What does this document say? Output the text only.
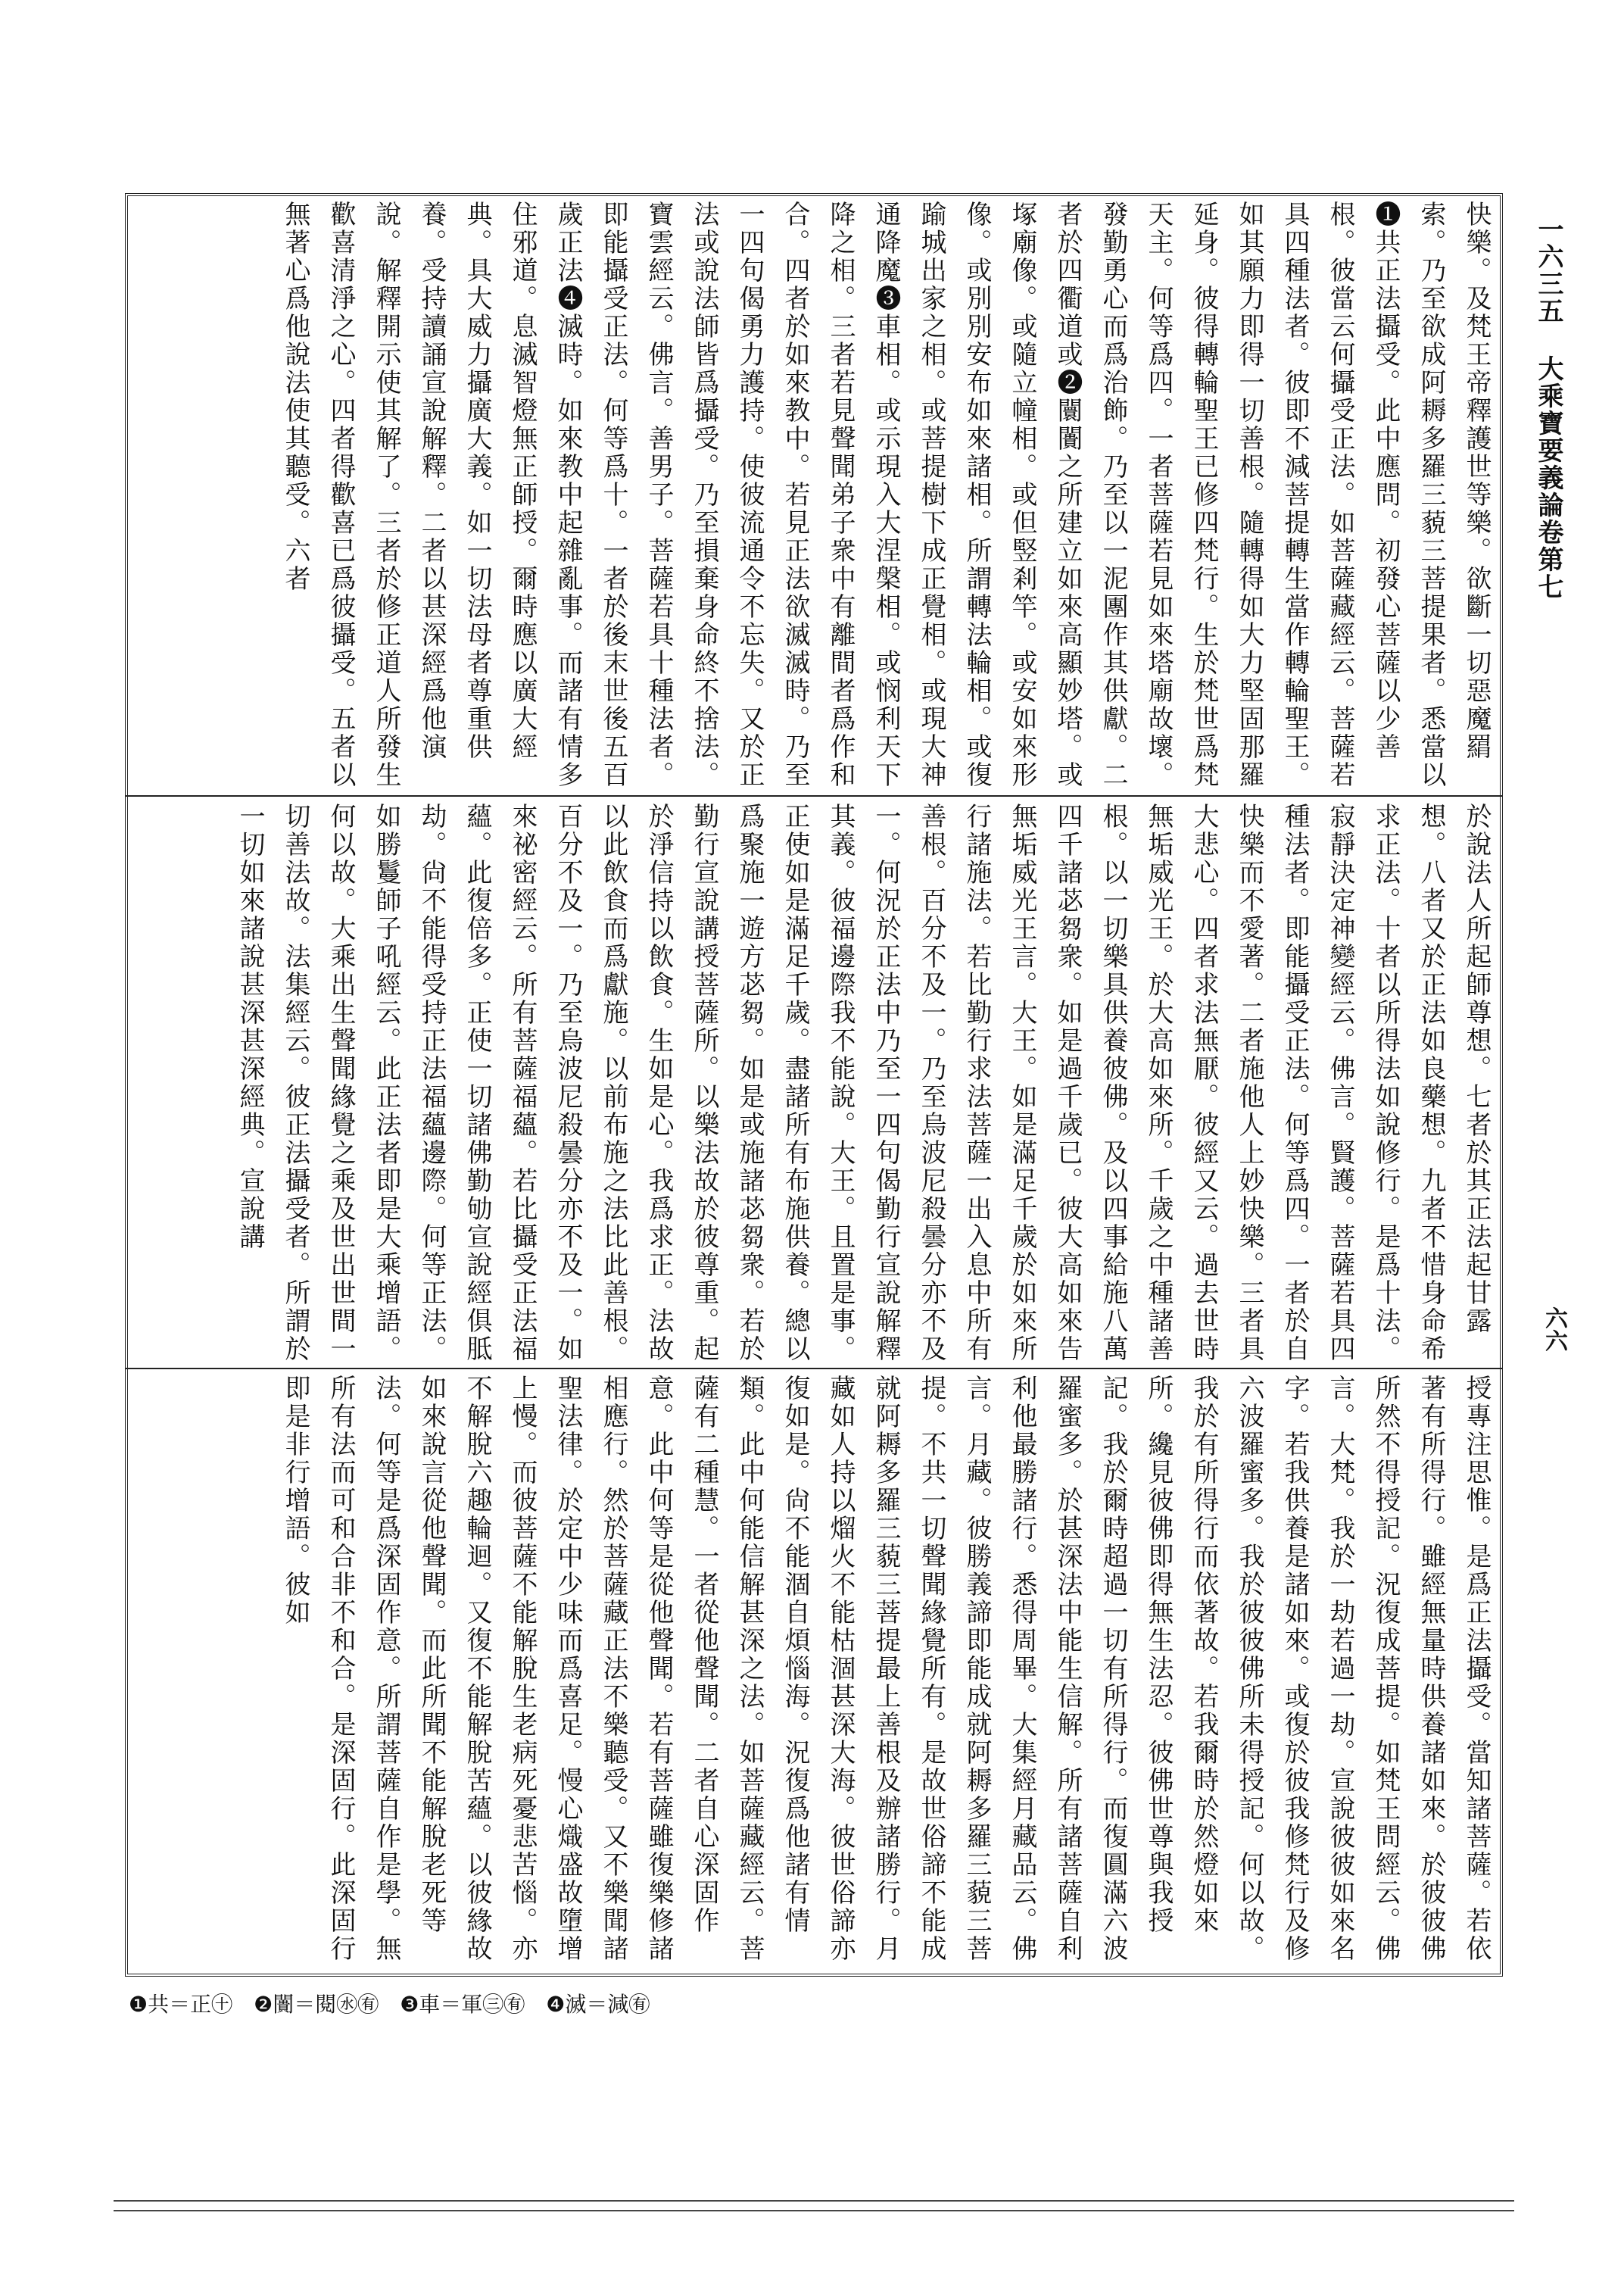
一六三五
大乘寶要義論卷第七
六六

快樂。及梵王帝釋護世等樂。欲斷一切惡魔羂索。乃至欲成阿耨多羅三藐三菩提果者。悉當以❶共正法攝受。此中應問。初發心菩薩以少善根。彼當云何攝受正法。如菩薩藏經云。菩薩若具四種法者。彼即不減菩提轉生當作轉輪聖王。如其願力即得一切善根。隨轉得如大力堅固那羅延身。彼得轉輪聖王已修四梵行。生於梵世爲梵天主。何等爲四。一者菩薩若見如來塔廟故壞。發勤勇心而爲治飾。乃至以一泥團作其供獻。二者於四衢道或❷闤闠之所建立如來高顯妙塔。或塚廟像。或隨立幢相。或但竪剎竿。或安如來形像。或別別安布如來諸相。所謂轉法輪相。或復踰城出家之相。或菩提樹下成正覺相。或現大神通降魔❸車相。或示現入大涅槃相。或悯利天下降之相。三者若見聲聞弟子衆中有離間者爲作和合。四者於如來教中。若見正法欲滅滅時。乃至一四句偈勇力護持。使彼流通令不忘失。又於正法或說法師皆爲攝受。乃至損棄身命終不捨法。寶雲經云。佛言。善男子。菩薩若具十種法者。即能攝受正法。何等爲十。一者於後末世後五百歲正法❹滅時。如來教中起雜亂事。而諸有情多住邪道。息滅智燈無正師授。爾時應以廣大經典。具大威力攝廣大義。如一切法母者尊重供養。受持讀誦宣說解釋。二者以甚深經爲他演說。解釋開示使其解了。三者於修正道人所發生歡喜清淨之心。四者得歡喜已爲彼攝受。五者以無著心爲他說法使其聽受。六者

於說法人所起師尊想。七者於其正法起甘露想。八者又於正法如良藥想。九者不惜身命希求正法。十者以所得法如說修行。是爲十法。寂靜決定神變經云。佛言。賢護。菩薩若具四種法者。即能攝受正法。何等爲四。一者於自快樂而不愛著。二者施他人上妙快樂。三者具大悲心。四者求法無厭。彼經又云。過去世時無垢威光王。於大高如來所。千歲之中種諸善根。以一切樂具供養彼佛。及以四事給施八萬四千諸苾芻衆。如是過千歲已。彼大高如來告無垢威光王言。大王。如是滿足千歲於如來所行諸施法。若比勤行求法菩薩一出入息中所有善根。百分不及一。乃至烏波尼殺曇分亦不及一。何況於正法中乃至一四句偈勤行宣說解釋其義。彼福邊際我不能說。大王。且置是事。正使如是滿足千歲。盡諸所有布施供養。總以爲聚施一遊方苾芻。如是或施諸苾芻衆。若於勤行宣說講授菩薩所。以樂法故於彼尊重。起於淨信持以飲食。生如是心。我爲求正。法故以此飲食而爲獻施。以前布施之法比此善根。百分不及一。乃至烏波尼殺曇分亦不及一。如來祕密經云。所有菩薩福蘊。若比攝受正法福蘊。此復倍多。正使一切諸佛勤劬宣說經俱胝劫。尙不能得受持正法福蘊邊際。何等正法。如勝鬘師子吼經云。此正法者即是大乘增語。何以故。大乘出生聲聞緣覺之乘及世出世間一切善法故。法集經云。彼正法攝受者。所謂於一切如來諸說甚深甚深經典。宣說講

授專注思惟。是爲正法攝受。當知諸菩薩。若依著有所得行。雖經無量時供養諸如來。於彼彼佛所然不得授記。況復成菩提。如梵王問經云。佛言。大梵。我於一劫若過一劫。宣說彼彼如來名字。若我供養是諸如來。或復於彼我修梵行及修六波羅蜜多。我於彼彼佛所未得授記。何以故。我於有所得行而依著故。若我爾時於然燈如來所。纔見彼佛即得無生法忍。彼佛世尊與我授記。我於爾時超過一切有所得行。而復圓滿六波羅蜜多。於甚深法中能生信解。所有諸菩薩自利利他最勝諸行。悉得周畢。大集經月藏品云。佛言。月藏。彼勝義諦即能成就阿耨多羅三藐三菩提。不共一切聲聞緣覺所有。是故世俗諦不能成就阿耨多羅三藐三菩提最上善根及辦諸勝行。月藏如人持以熘火不能枯涸甚深大海。彼世俗諦亦復如是。尙不能涸自煩惱海。況復爲他諸有情類。此中何能信解甚深之法。如菩薩藏經云。菩薩有二種慧。一者從他聲聞。二者自心深固作意。此中何等是從他聲聞。若有菩薩雖復樂修諸相應行。然於菩薩藏正法不樂聽受。又不樂聞諸聖法律。於定中少味而爲喜足。慢心熾盛故墮增上慢。而彼菩薩不能解脫生老病死憂悲苦惱。亦不解脫六趣輪迴。又復不能解脫苦蘊。以彼緣故如來說言從他聲聞。而此所聞不能解脫老死等法。何等是爲深固作意。所謂菩薩自作是學。無所有法而可和合非不和合。是深固行。此深固行即是非行增語。彼如

❶共＝正㊉　❷闠＝閱㊌㊒　❸車＝軍㊂㊒　❹滅＝減㊒
